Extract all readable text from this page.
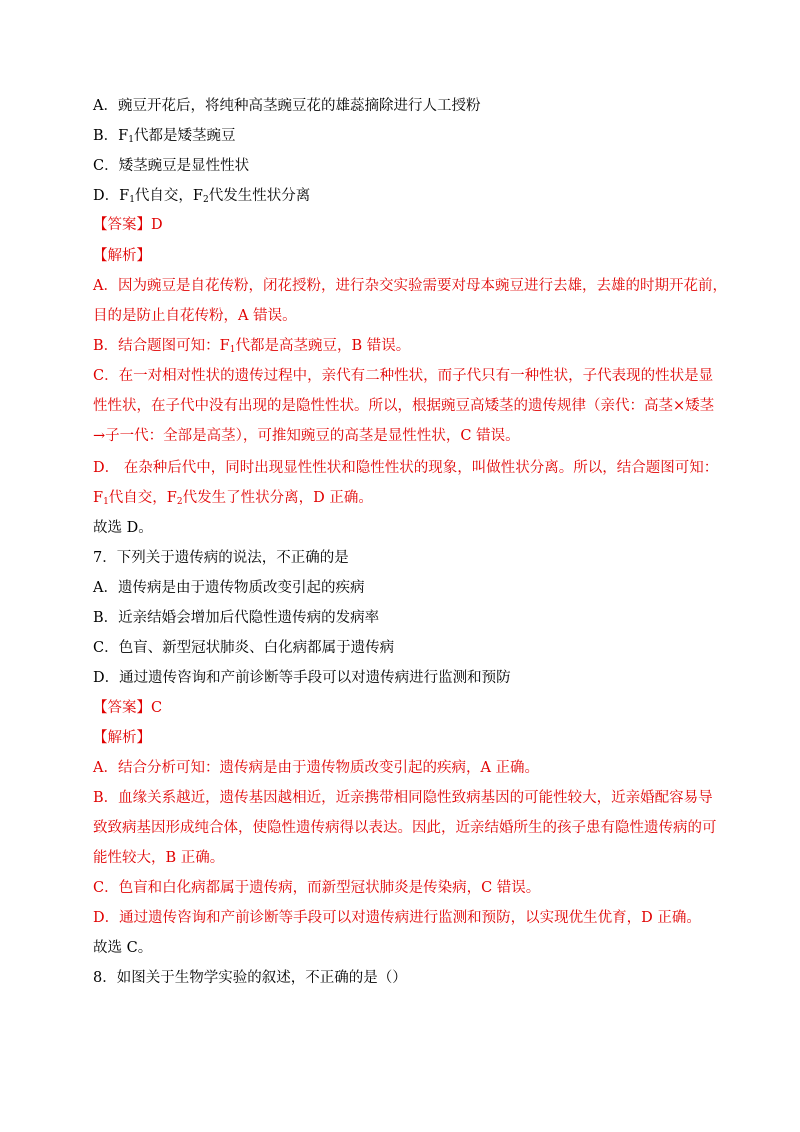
A．豌豆开花后，将纯种高茎豌豆花的雄蕊摘除进行人工授粉
B．$F_1$代都是矮茎豌豆
C．矮茎豌豆是显性性状
D．$F_1$代自交，$F_2$代发生性状分离
【答案】D
【解析】
A．因为豌豆是自花传粉，闭花授粉，进行杂交实验需要对母本豌豆进行去雄，去雄的时期开花前，
目的是防止自花传粉，A 错误。
B．结合题图可知：$F_1$代都是高茎豌豆，B 错误。
C．在一对相对性状的遗传过程中，亲代有二种性状，而子代只有一种性状，子代表现的性状是显
性性状，在子代中没有出现的是隐性性状。所以，根据豌豆高矮茎的遗传规律（亲代：高茎×矮茎
→子一代：全部是高茎），可推知豌豆的高茎是显性性状，C 错误。
D． 在杂种后代中，同时出现显性性状和隐性性状的现象，叫做性状分离。所以，结合题图可知：
$F_1$代自交，$F_2$代发生了性状分离，D 正确。
故选 D。
7．下列关于遗传病的说法，不正确的是
A．遗传病是由于遗传物质改变引起的疾病
B．近亲结婚会增加后代隐性遗传病的发病率
C．色盲、新型冠状肺炎、白化病都属于遗传病
D．通过遗传咨询和产前诊断等手段可以对遗传病进行监测和预防
【答案】C
【解析】
A．结合分析可知：遗传病是由于遗传物质改变引起的疾病，A 正确。
B．血缘关系越近，遗传基因越相近，近亲携带相同隐性致病基因的可能性较大，近亲婚配容易导
致致病基因形成纯合体，使隐性遗传病得以表达。因此，近亲结婚所生的孩子患有隐性遗传病的可
能性较大，B 正确。
C．色盲和白化病都属于遗传病，而新型冠状肺炎是传染病，C 错误。
D．通过遗传咨询和产前诊断等手段可以对遗传病进行监测和预防，以实现优生优育，D 正确。
故选 C。
8．如图关于生物学实验的叙述，不正确的是（）
